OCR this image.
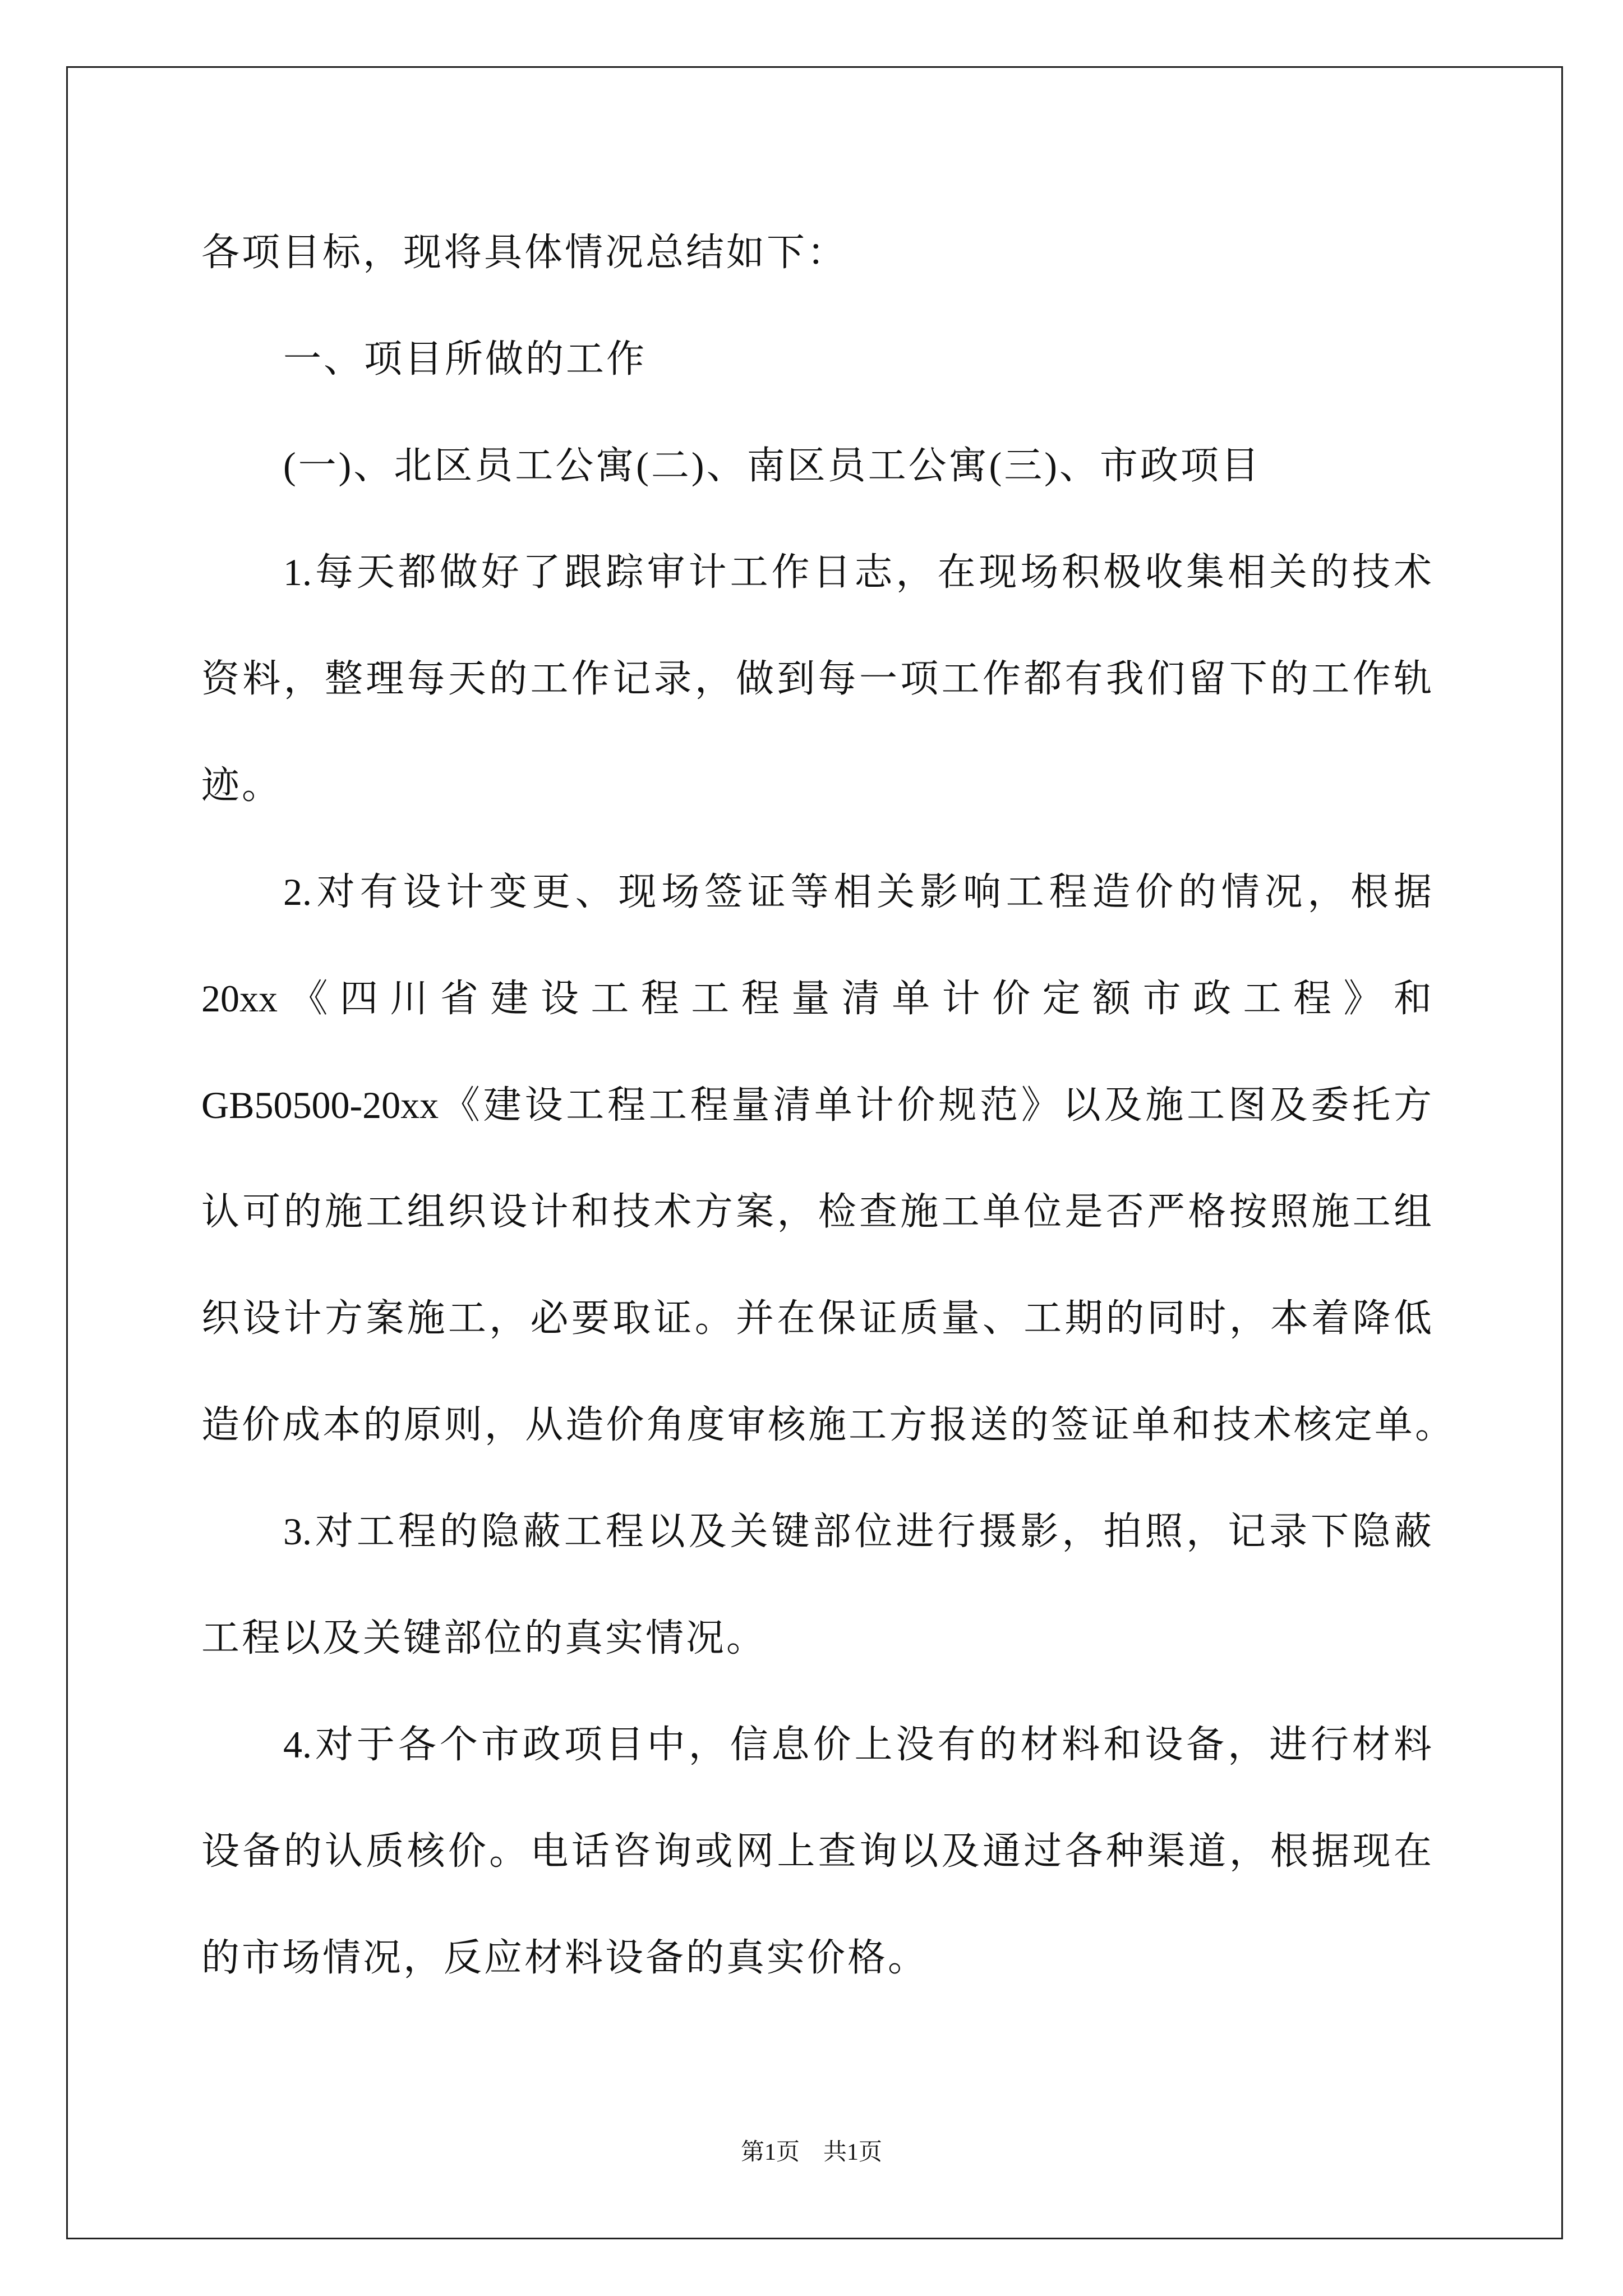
各项目标，现将具体情况总结如下：
一、项目所做的工作
(一)、北区员工公寓(二)、南区员工公寓(三)、市政项目
1.每天都做好了跟踪审计工作日志，在现场积极收集相关的技术
资料，整理每天的工作记录，做到每一项工作都有我们留下的工作轨
迹。
2.对有设计变更、现场签证等相关影响工程造价的情况，根据
20xx《四川省建设工程工程量清单计价定额市政工程》和
GB50500-20xx《建设工程工程量清单计价规范》以及施工图及委托方
认可的施工组织设计和技术方案，检查施工单位是否严格按照施工组
织设计方案施工，必要取证。并在保证质量、工期的同时，本着降低
造价成本的原则，从造价角度审核施工方报送的签证单和技术核定单。
3.对工程的隐蔽工程以及关键部位进行摄影，拍照，记录下隐蔽
工程以及关键部位的真实情况。
4.对于各个市政项目中，信息价上没有的材料和设备，进行材料
设备的认质核价。电话咨询或网上查询以及通过各种渠道，根据现在
的市场情况，反应材料设备的真实价格。
第1页　共1页
